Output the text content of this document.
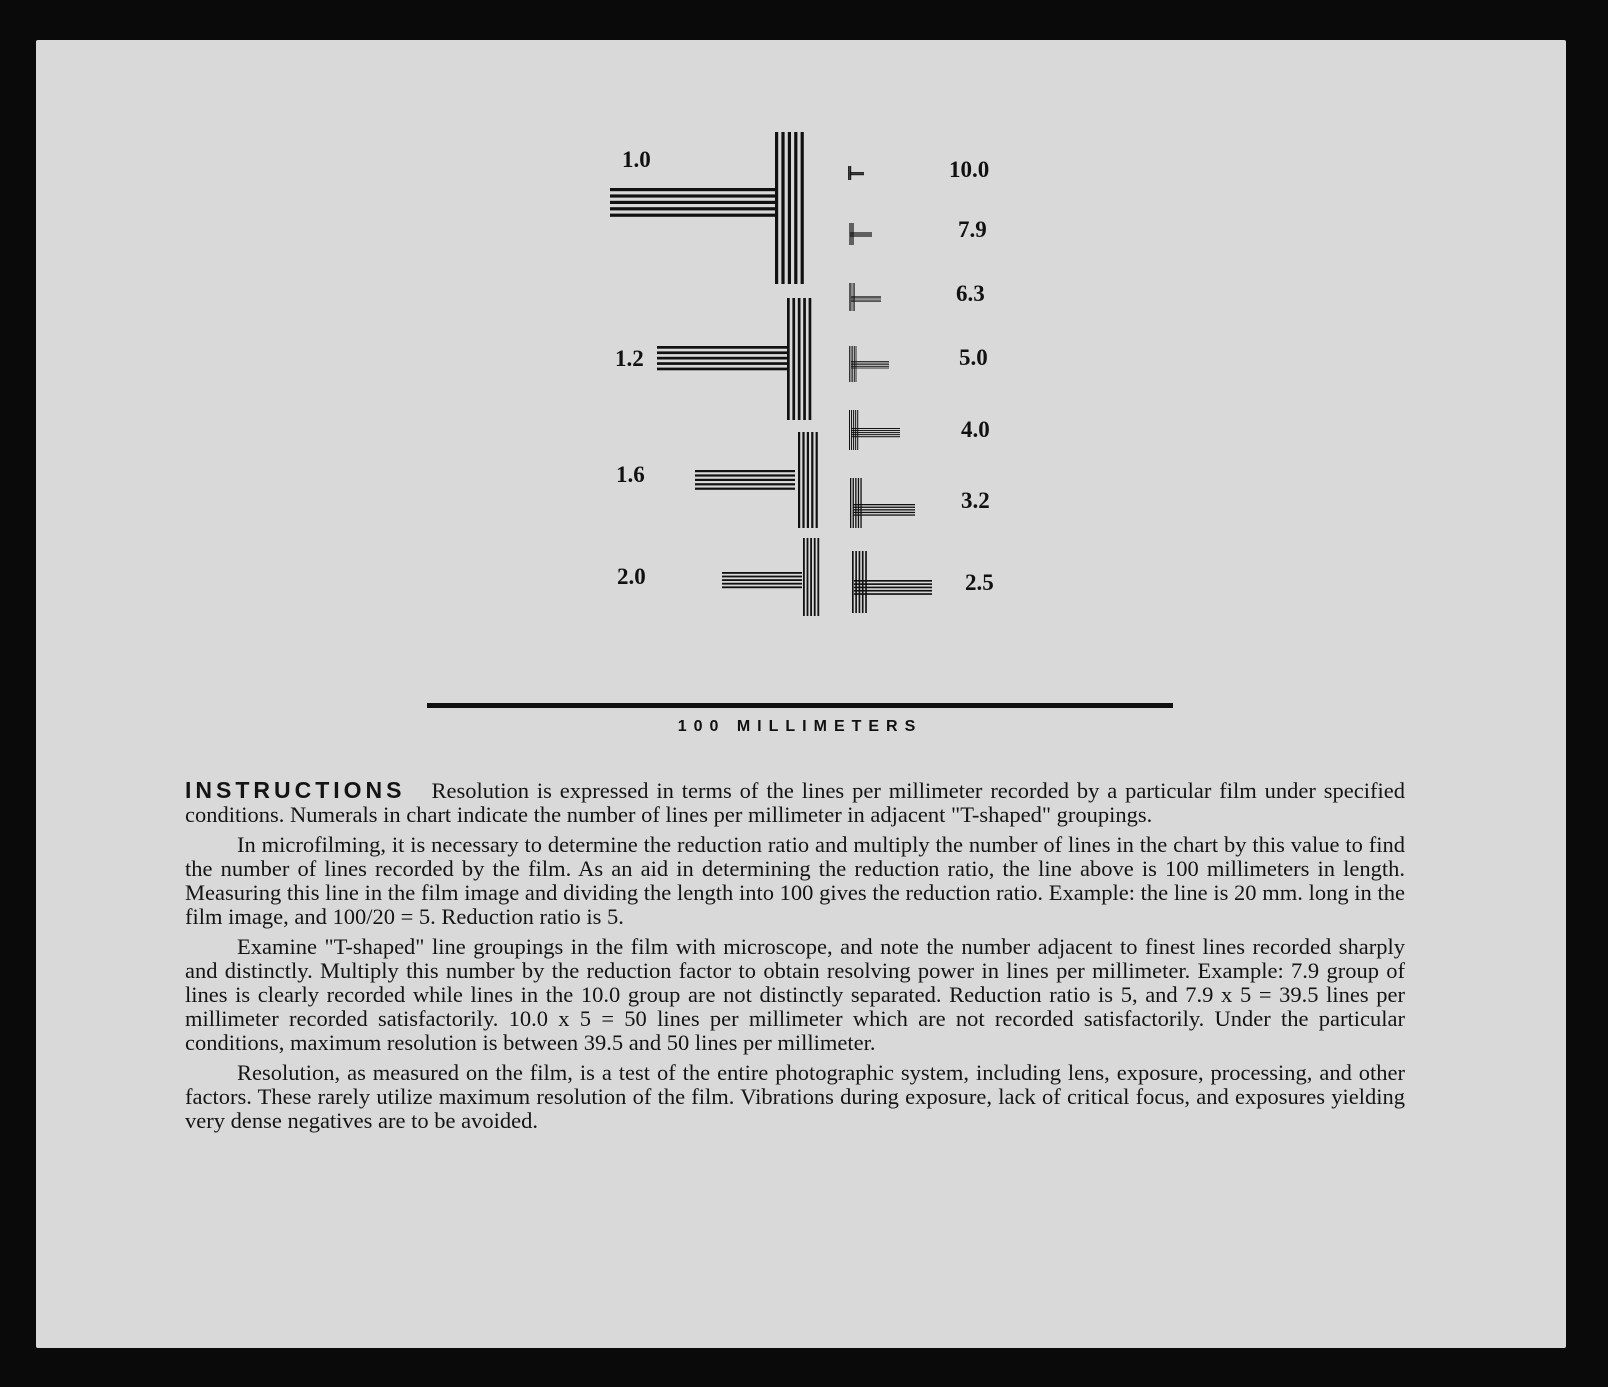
1.0
1.2
1.6
2.0
10.0
7.9
6.3
5.0
4.0
3.2
2.5
100 MILLIMETERS

INSTRUCTIONS Resolution is expressed in terms of the lines per millimeter recorded by a particular film under specified conditions. Numerals in chart indicate the number of lines per millimeter in adjacent "T-shaped" groupings.

In microfilming, it is necessary to determine the reduction ratio and multiply the number of lines in the chart by this value to find the number of lines recorded by the film. As an aid in determining the reduction ratio, the line above is 100 millimeters in length. Measuring this line in the film image and dividing the length into 100 gives the reduction ratio. Example: the line is 20 mm. long in the film image, and 100/20 = 5. Reduction ratio is 5.

Examine "T-shaped" line groupings in the film with microscope, and note the number adjacent to finest lines recorded sharply and distinctly. Multiply this number by the reduction factor to obtain resolving power in lines per millimeter. Example: 7.9 group of lines is clearly recorded while lines in the 10.0 group are not distinctly separated. Reduction ratio is 5, and 7.9 x 5 = 39.5 lines per millimeter recorded satisfactorily. 10.0 x 5 = 50 lines per millimeter which are not recorded satisfactorily. Under the particular conditions, maximum resolution is between 39.5 and 50 lines per millimeter.

Resolution, as measured on the film, is a test of the entire photographic system, including lens, exposure, processing, and other factors. These rarely utilize maximum resolution of the film. Vibrations during exposure, lack of critical focus, and exposures yielding very dense negatives are to be avoided.
